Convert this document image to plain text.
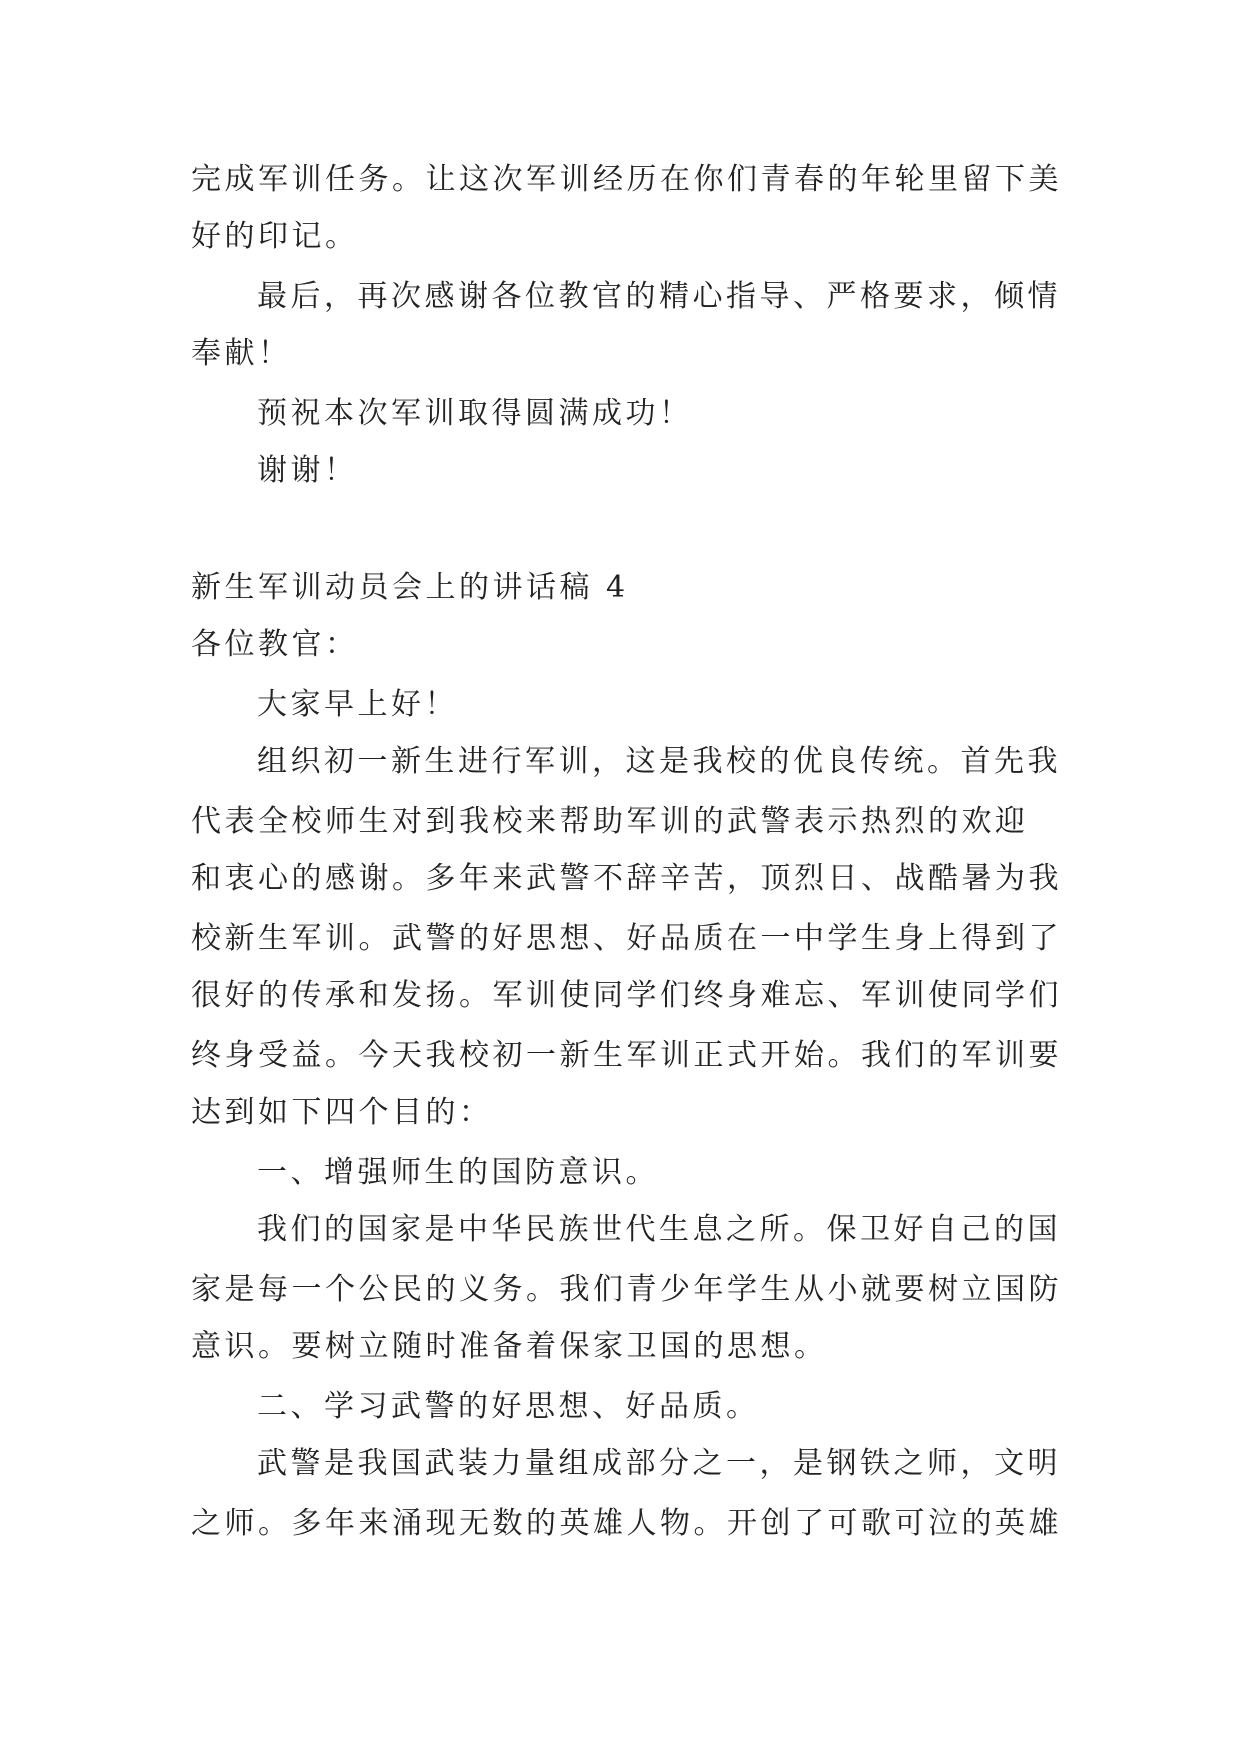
完成军训任务。让这次军训经历在你们青春的年轮里留下美
好的印记。
最后，再次感谢各位教官的精心指导、严格要求，倾情
奉献！
预祝本次军训取得圆满成功！
谢谢！
新生军训动员会上的讲话稿 4
各位教官：
大家早上好！
组织初一新生进行军训，这是我校的优良传统。首先我
代表全校师生对到我校来帮助军训的武警表示热烈的欢迎
和衷心的感谢。多年来武警不辞辛苦，顶烈日、战酷暑为我
校新生军训。武警的好思想、好品质在一中学生身上得到了
很好的传承和发扬。军训使同学们终身难忘、军训使同学们
终身受益。今天我校初一新生军训正式开始。我们的军训要
达到如下四个目的：
一、增强师生的国防意识。
我们的国家是中华民族世代生息之所。保卫好自己的国
家是每一个公民的义务。我们青少年学生从小就要树立国防
意识。要树立随时准备着保家卫国的思想。
二、学习武警的好思想、好品质。
武警是我国武装力量组成部分之一，是钢铁之师，文明
之师。多年来涌现无数的英雄人物。开创了可歌可泣的英雄
